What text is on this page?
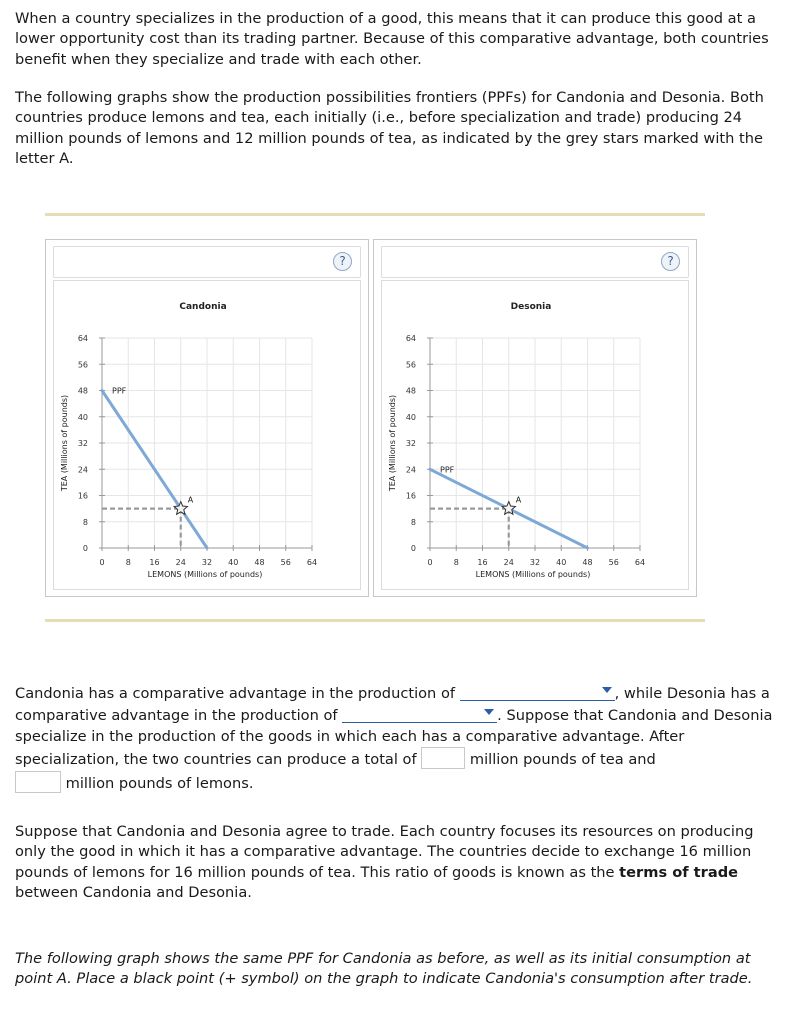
When a country specializes in the production of a good, this means that it can produce this good at a lower opportunity cost than its trading partner. Because of this comparative advantage, both countries benefit when they specialize and trade with each other.

The following graphs show the production possibilities frontiers (PPFs) for Candonia and Desonia. Both countries produce lemons and tea, each initially (i.e., before specialization and trade) producing 24 million pounds of lemons and 12 million pounds of tea, as indicated by the grey stars marked with the letter A.

?
Candonia
0	8 16 24 32 40 48 56 64
0
8
16
24
32
40
48
56
64
LEMONS (Millions of pounds)
TEA (Millions of pounds)
PPF
A
?
Desonia
0	8 16 24 32 40 48 56 64
0
8
16
24
32
40
48
56
64
LEMONS (Millions of pounds)
TEA (Millions of pounds)	PPF
A

Candonia has a comparative advantage in the production of	, while Desonia has a comparative advantage in the production of	. Suppose that Candonia and Desonia specialize in the production of the goods in which each has a comparative advantage. After specialization, the two countries can produce a total of	million pounds of tea and
million pounds of lemons.

Suppose that Candonia and Desonia agree to trade. Each country focuses its resources on producing only the good in which it has a comparative advantage. The countries decide to exchange 16 million pounds of lemons for 16 million pounds of tea. This ratio of goods is known as the terms of trade between Candonia and Desonia.

The following graph shows the same PPF for Candonia as before, as well as its initial consumption at point A. Place a black point (+ symbol) on the graph to indicate Candonia's consumption after trade.
